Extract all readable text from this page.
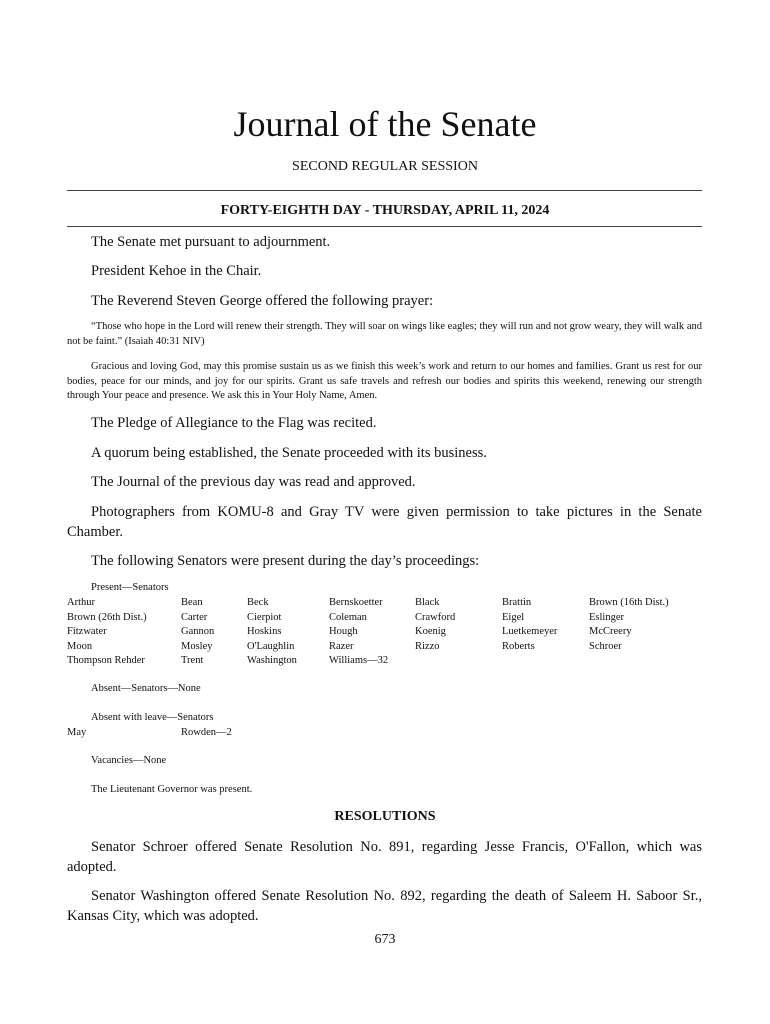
Journal of the Senate
SECOND REGULAR SESSION
FORTY-EIGHTH DAY - THURSDAY, APRIL 11, 2024
The Senate met pursuant to adjournment.
President Kehoe in the Chair.
The Reverend Steven George offered the following prayer:
“Those who hope in the Lord will renew their strength. They will soar on wings like eagles; they will run and not grow weary, they will walk and not be faint.” (Isaiah 40:31 NIV)
Gracious and loving God, may this promise sustain us as we finish this week’s work and return to our homes and families. Grant us rest for our bodies, peace for our minds, and joy for our spirits. Grant us safe travels and refresh our bodies and spirits this weekend, renewing our strength through Your peace and presence. We ask this in Your Holy Name, Amen.
The Pledge of Allegiance to the Flag was recited.
A quorum being established, the Senate proceeded with its business.
The Journal of the previous day was read and approved.
Photographers from KOMU-8 and Gray TV were given permission to take pictures in the Senate Chamber.
The following Senators were present during the day’s proceedings:
Present—Senators
Arthur
Brown (26th Dist.)
Fitzwater
Moon
Thompson Rehder
Bean
Carter
Gannon
Mosley
Trent
Beck
Cierpiot
Hoskins
O'Laughlin
Washington
Bernskoetter
Coleman
Hough
Razer
Williams—32
Black
Crawford
Koenig
Rizzo
Brattin
Eigel
Luetkemeyer
Roberts
Brown (16th Dist.)
Eslinger
McCreery
Schroer
Absent—Senators—None
Absent with leave—Senators
May	Rowden—2
Vacancies—None
The Lieutenant Governor was present.
RESOLUTIONS
Senator Schroer offered Senate Resolution No. 891, regarding Jesse Francis, O'Fallon, which was adopted.
Senator Washington offered Senate Resolution No. 892, regarding the death of Saleem H. Saboor Sr., Kansas City, which was adopted.
673
